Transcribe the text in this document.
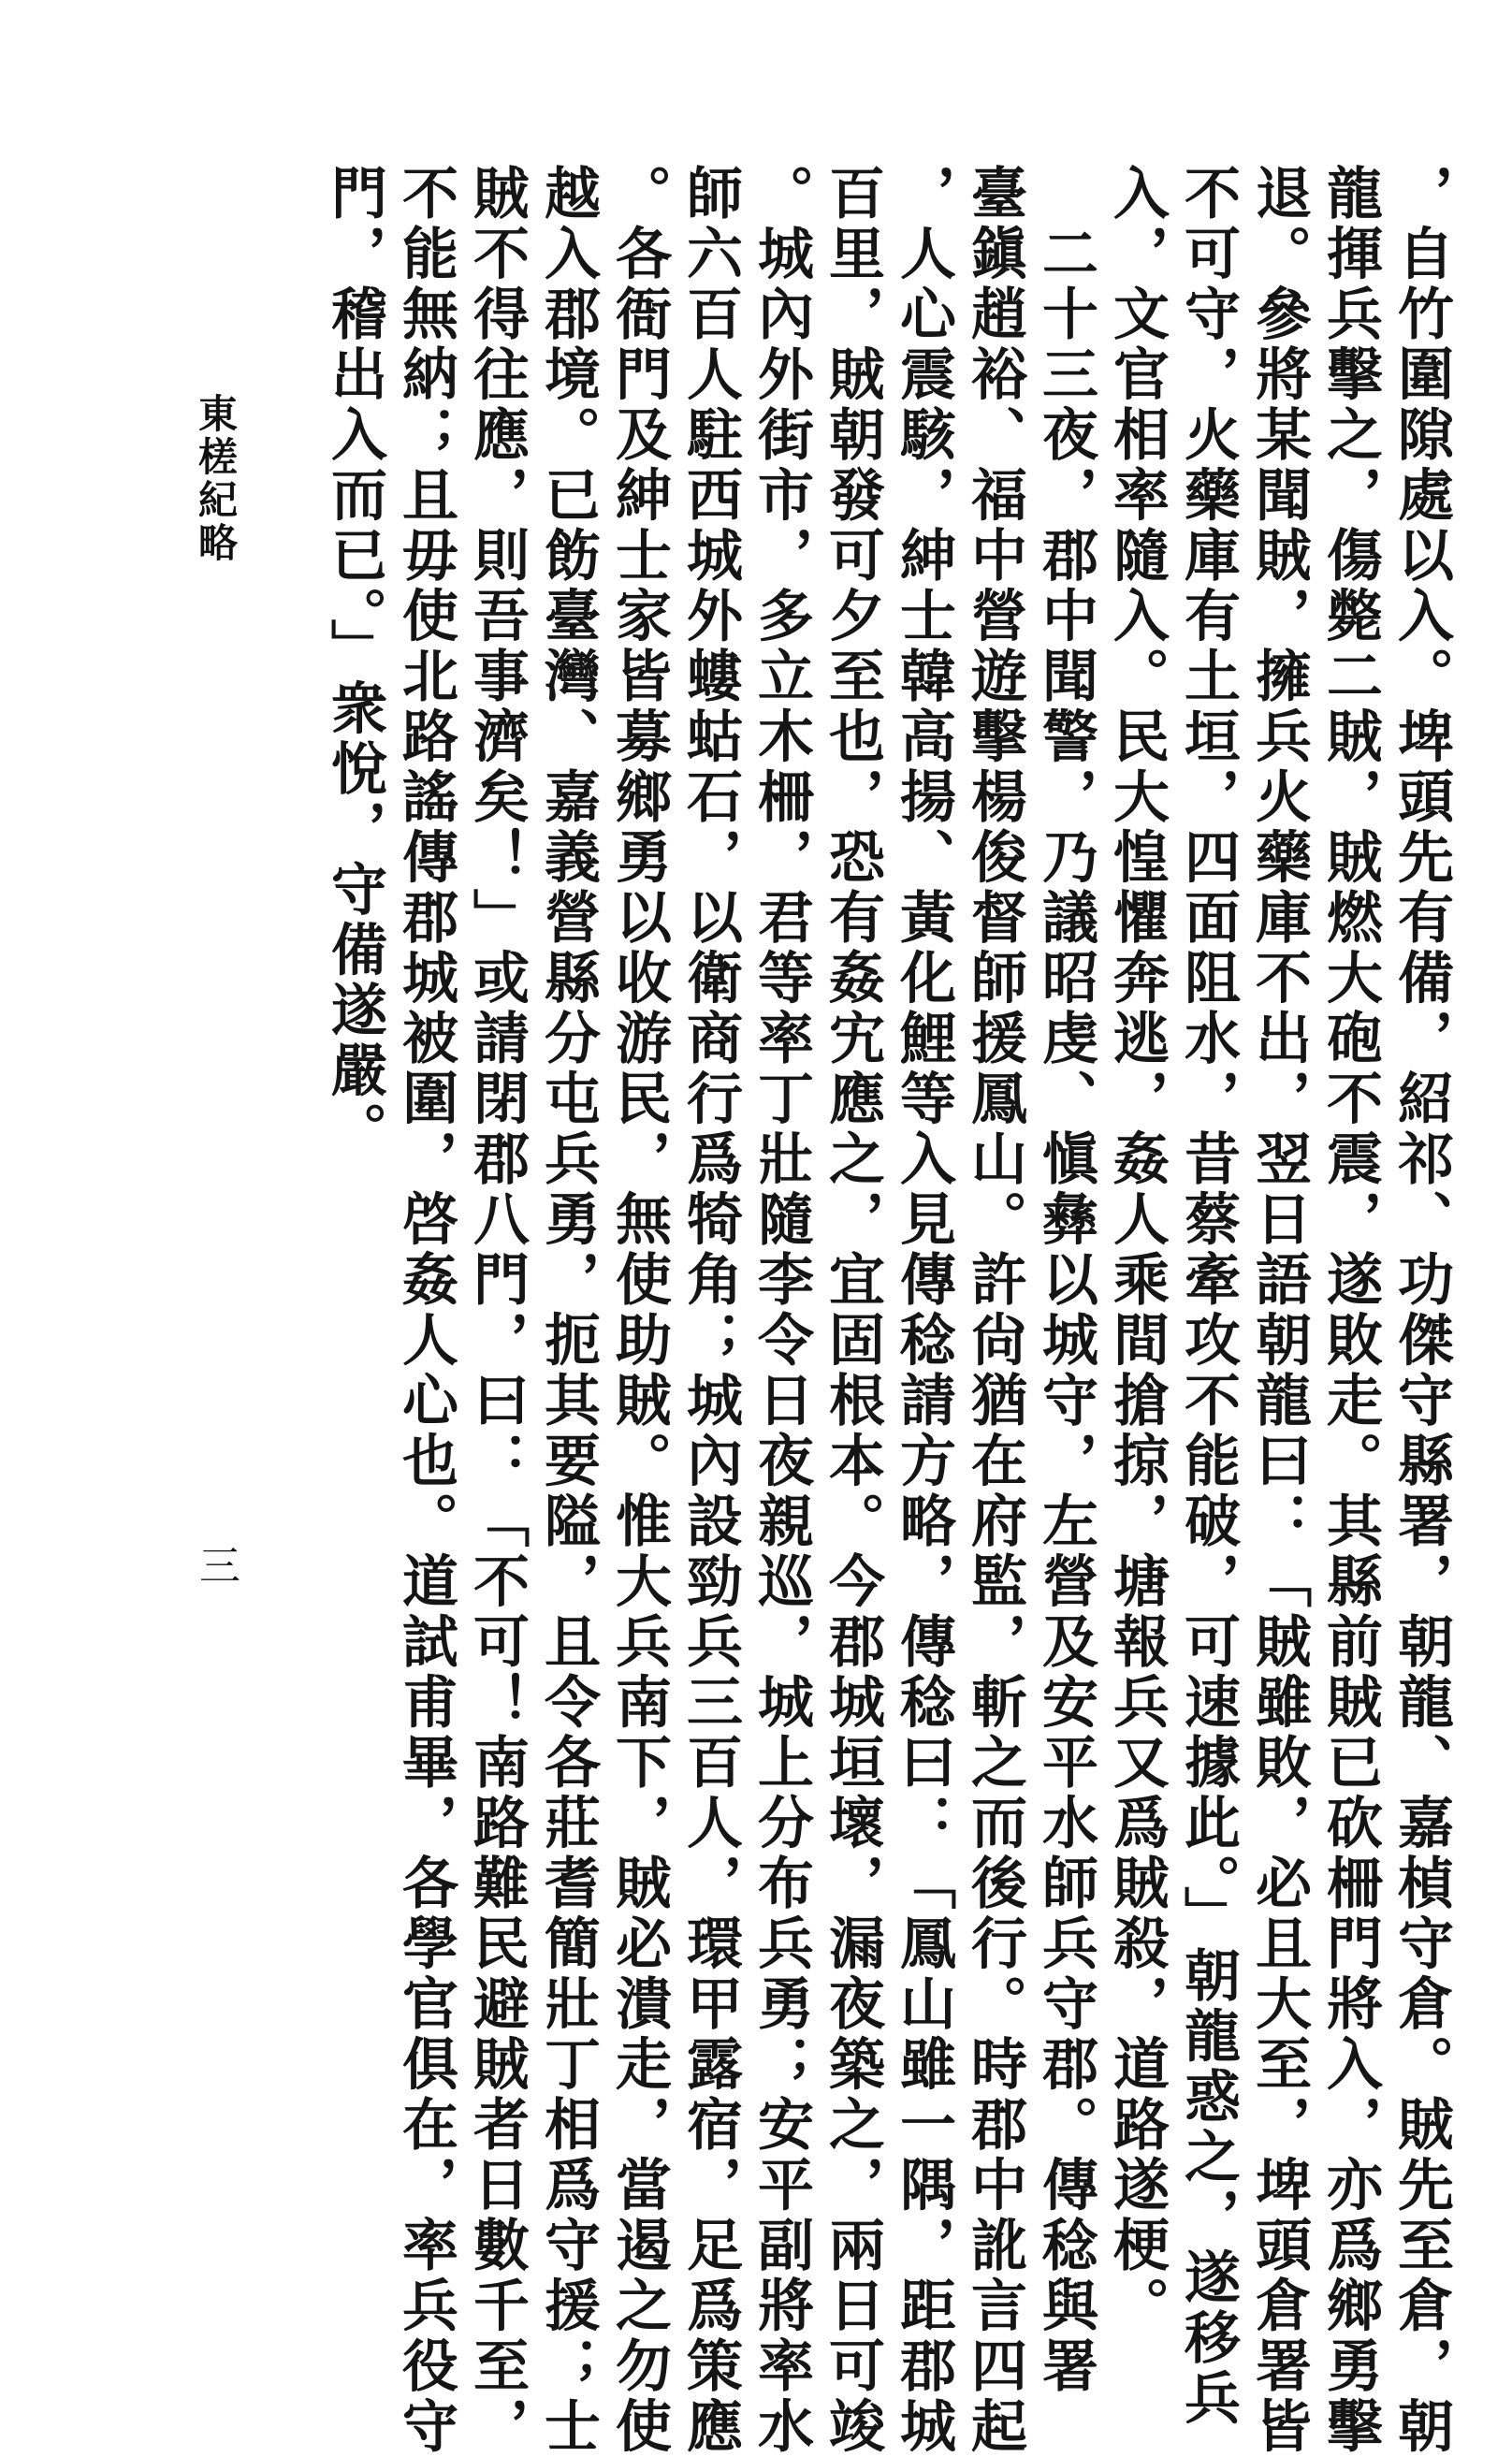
東槎紀略
三	，自竹圍隙處以入。埤頭先有備，紹祁、功傑守縣署，朝龍、嘉楨守倉。賊先至倉，朝
龍揮兵擊之，傷斃二賊，賊燃大砲不震，遂敗走。其縣前賊已砍柵門將入，亦爲鄉勇擊
退。參將某聞賊，擁兵火藥庫不出，翌日語朝龍曰：「賊雖敗，必且大至，埤頭倉署皆
不可守，火藥庫有土垣，四面阻水，昔蔡牽攻不能破，可速據此。」朝龍惑之，遂移兵
入，文官相率隨入。民大惶懼奔逃，姦人乘間搶掠，塘報兵又爲賊殺，道路遂梗。
　二十三夜，郡中聞警，乃議昭虔、愼彝以城守，左營及安平水師兵守郡。傳稔與署
臺鎭趙裕、福中營遊擊楊俊督師援鳳山。許尙猶在府監，斬之而後行。時郡中訛言四起
，人心震駭，紳士韓高揚、黃化鯉等入見傳稔請方略，傳稔曰：「鳳山雖一隅，距郡城
百里，賊朝發可夕至也，恐有姦宄應之，宜固根本。今郡城垣壞，漏夜築之，兩日可竣
。城內外街市，多立木柵，君等率丁壯隨李令日夜親巡，城上分布兵勇；安平副將率水
師六百人駐西城外螻蛄石，以衛商行爲犄角；城內設勁兵三百人，環甲露宿，足爲策應
。各衙門及紳士家皆募鄉勇以收游民，無使助賊。惟大兵南下，賊必潰走，當遏之勿使
越入郡境。已飭臺灣、嘉義營縣分屯兵勇，扼其要隘，且令各莊耆簡壯丁相爲守援；士
賊不得往應，則吾事濟矣！」或請閉郡八門，曰：「不可！南路難民避賊者日數千至，
不能無納；且毋使北路謠傳郡城被圍，啓姦人心也。道試甫畢，各學官俱在，率兵役守
門，稽出入而已。」衆悅，守備遂嚴。
